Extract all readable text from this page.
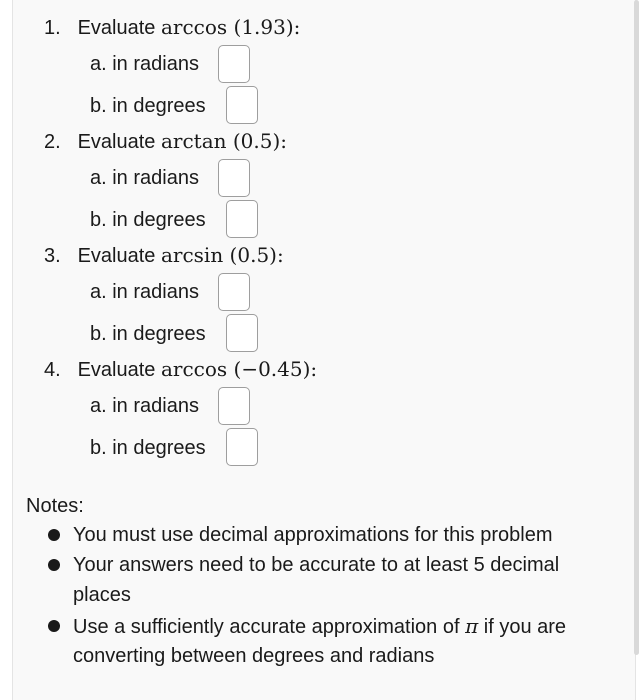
1. Evaluate arccos (1.93):
a. in radians
b. in degrees
2. Evaluate arctan (0.5):
a. in radians
b. in degrees
3. Evaluate arcsin (0.5):
a. in radians
b. in degrees
4. Evaluate arccos (−0.45):
a. in radians
b. in degrees
Notes:
You must use decimal approximations for this problem
Your answers need to be accurate to at least 5 decimal
places
Use a sufficiently accurate approximation of π if you are
converting between degrees and radians
